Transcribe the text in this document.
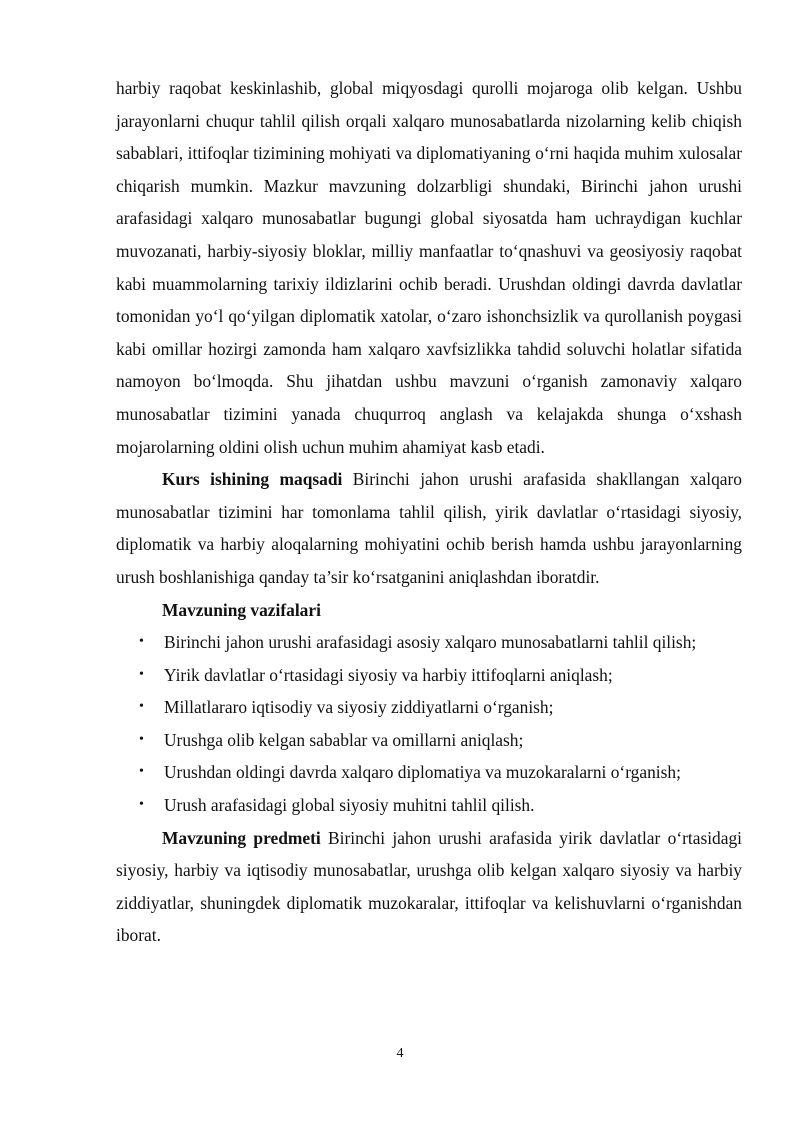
harbiy raqobat keskinlashib, global miqyosdagi qurolli mojaroga olib kelgan. Ushbu jarayonlarni chuqur tahlil qilish orqali xalqaro munosabatlarda nizolarning kelib chiqish sabablari, ittifoqlar tizimining mohiyati va diplomatiyaning o‘rni haqida muhim xulosalar chiqarish mumkin. Mazkur mavzuning dolzarbligi shundaki, Birinchi jahon urushi arafasidagi xalqaro munosabatlar bugungi global siyosatda ham uchraydigan kuchlar muvozanati, harbiy-siyosiy bloklar, milliy manfaatlar to‘qnashuvi va geosiyosiy raqobat kabi muammolarning tarixiy ildizlarini ochib beradi. Urushdan oldingi davrda davlatlar tomonidan yo‘l qo‘yilgan diplomatik xatolar, o‘zaro ishonchsizlik va qurollanish poygasi kabi omillar hozirgi zamonda ham xalqaro xavfsizlikka tahdid soluvchi holatlar sifatida namoyon bo‘lmoqda. Shu jihatdan ushbu mavzuni o‘rganish zamonaviy xalqaro munosabatlar tizimini yanada chuqurroq anglash va kelajakda shunga o‘xshash mojarolarning oldini olish uchun muhim ahamiyat kasb etadi.

Kurs ishining maqsadi Birinchi jahon urushi arafasida shakllangan xalqaro munosabatlar tizimini har tomonlama tahlil qilish, yirik davlatlar o‘rtasidagi siyosiy, diplomatik va harbiy aloqalarning mohiyatini ochib berish hamda ushbu jarayonlarning urush boshlanishiga qanday ta’sir ko‘rsatganini aniqlashdan iboratdir.

Mavzuning vazifalari

• Birinchi jahon urushi arafasidagi asosiy xalqaro munosabatlarni tahlil qilish;
• Yirik davlatlar o‘rtasidagi siyosiy va harbiy ittifoqlarni aniqlash;
• Millatlararo iqtisodiy va siyosiy ziddiyatlarni o‘rganish;
• Urushga olib kelgan sabablar va omillarni aniqlash;
• Urushdan oldingi davrda xalqaro diplomatiya va muzokaralarni o‘rganish;
• Urush arafasidagi global siyosiy muhitni tahlil qilish.

Mavzuning predmeti Birinchi jahon urushi arafasida yirik davlatlar o‘rtasidagi siyosiy, harbiy va iqtisodiy munosabatlar, urushga olib kelgan xalqaro siyosiy va harbiy ziddiyatlar, shuningdek diplomatik muzokaralar, ittifoqlar va kelishuvlarni o‘rganishdan iborat.

4
